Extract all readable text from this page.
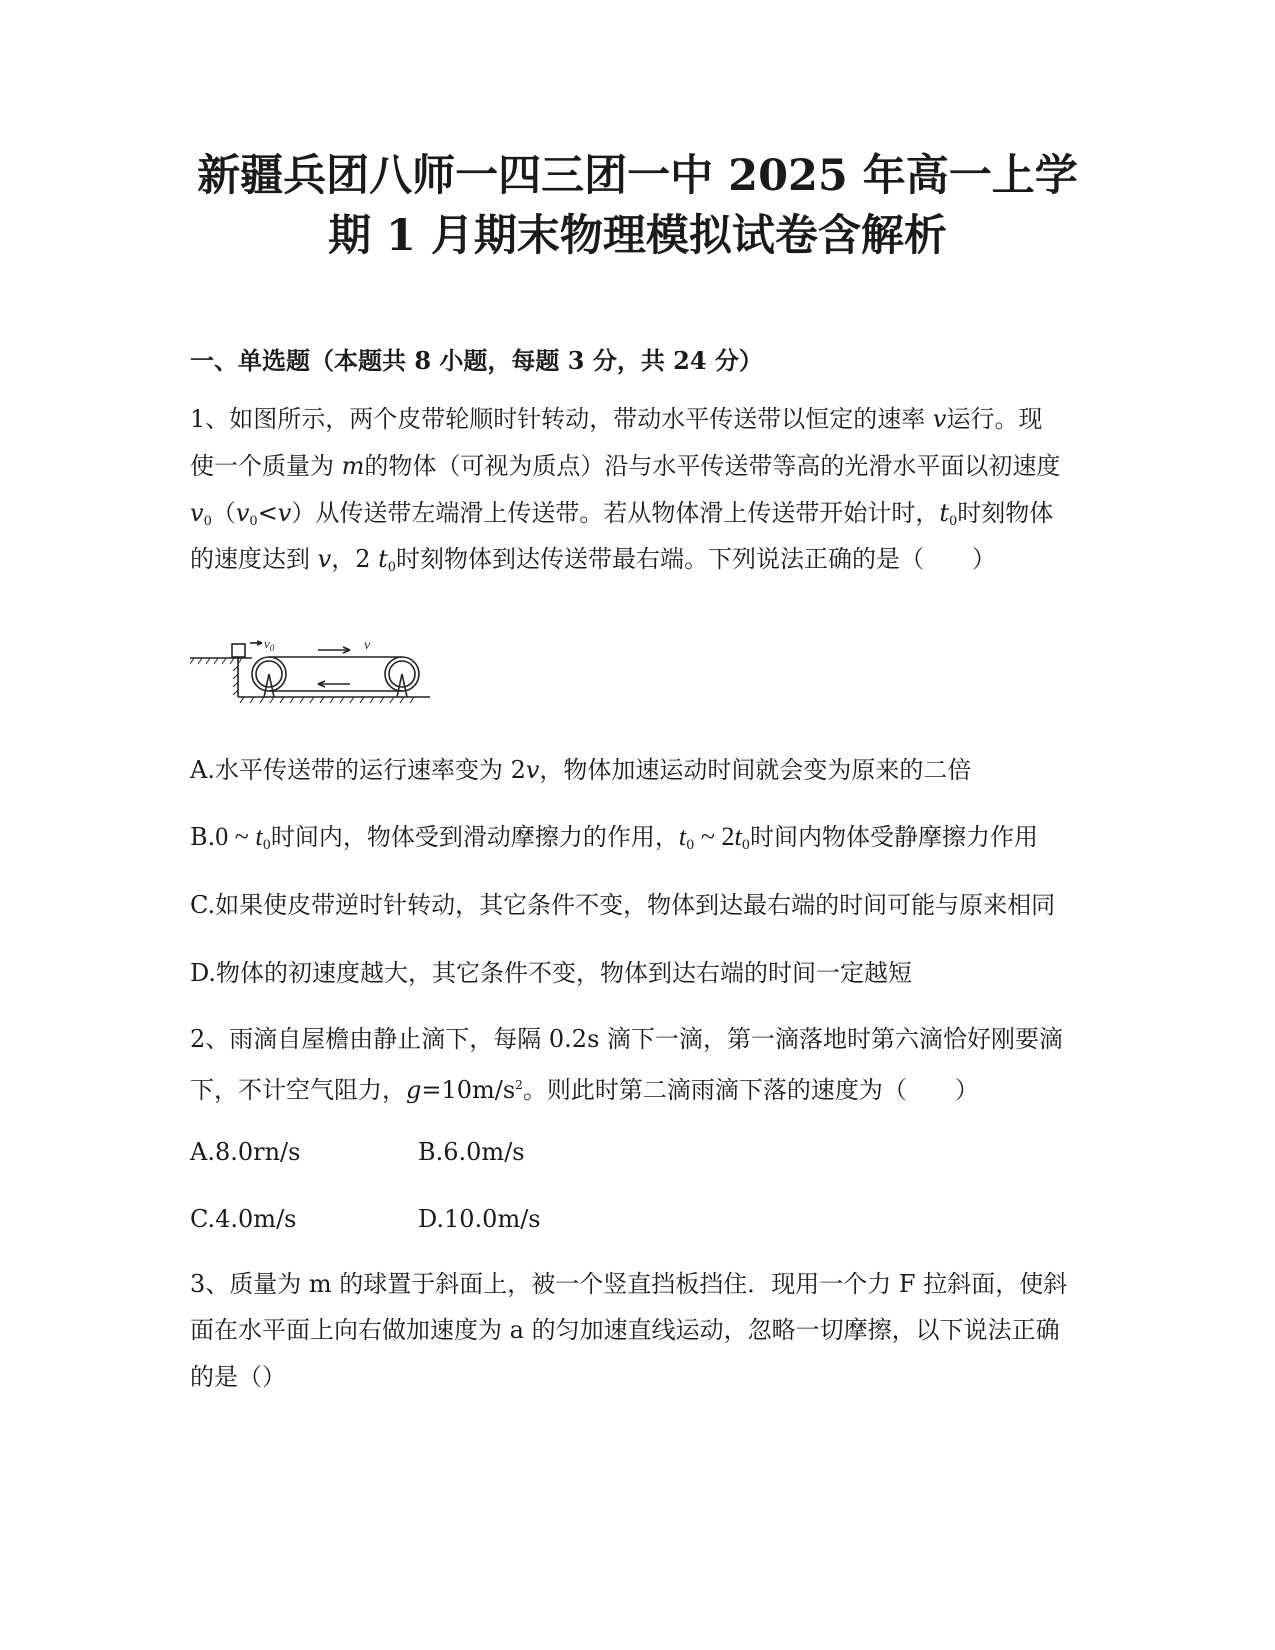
新疆兵团八师一四三团一中 2025 年高一上学
期 1 月期末物理模拟试卷含解析
一、单选题（本题共 8 小题，每题 3 分，共 24 分）
1、如图所示，两个皮带轮顺时针转动，带动水平传送带以恒定的速率 v运行。现
使一个质量为 m的物体（可视为质点）沿与水平传送带等高的光滑水平面以初速度
$v_0(v_0<v)$从传送带左端滑上传送带。若从物体滑上传送带开始计时，$t_0$时刻物体
的速度达到 v，2 $t_0$时刻物体到达传送带最右端。下列说法正确的是（　　）
$v_0$	v
A.水平传送带的运行速率变为 2v，物体加速运动时间就会变为原来的二倍
B.0 ~ $t_0$时间内，物体受到滑动摩擦力的作用，$t_0$ ~ $2t_0$时间内物体受静摩擦力作用
C.如果使皮带逆时针转动，其它条件不变，物体到达最右端的时间可能与原来相同
D.物体的初速度越大，其它条件不变，物体到达右端的时间一定越短
2、雨滴自屋檐由静止滴下，每隔 0.2s 滴下一滴，第一滴落地时第六滴恰好刚要滴
下，不计空气阻力，$g=10m/s^2$。则此时第二滴雨滴下落的速度为（　　）
A.8.0rn/s	B.6.0m/s
C.4.0m/s	D.10.0m/s
3、质量为 m 的球置于斜面上，被一个竖直挡板挡住．现用一个力 F 拉斜面，使斜
面在水平面上向右做加速度为 a 的匀加速直线运动，忽略一切摩擦，以下说法正确
的是（）
